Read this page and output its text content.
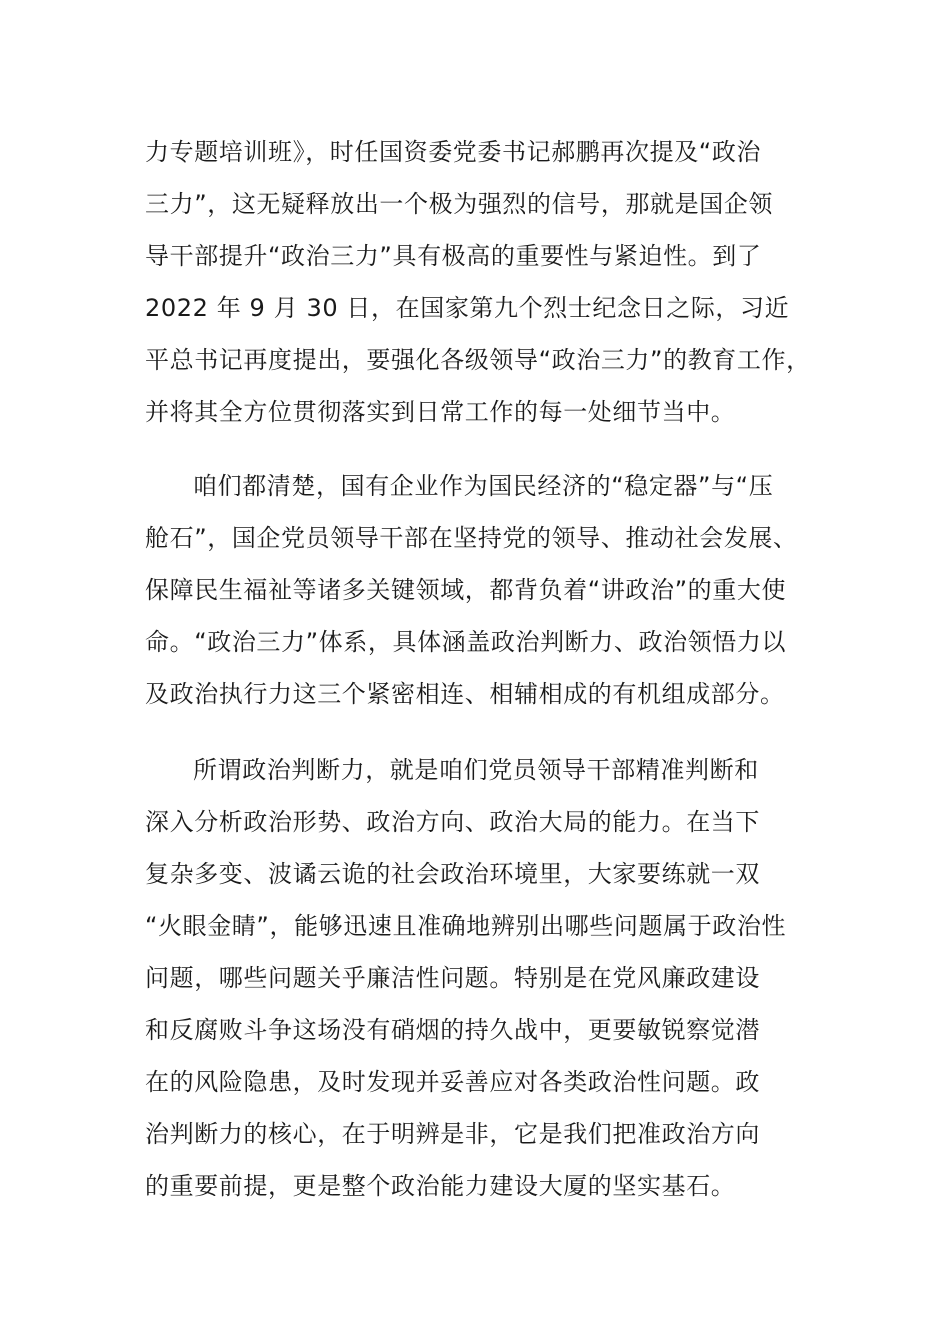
力专题培训班》，时任国资委党委书记郝鹏再次提及“政治
三力”，这无疑释放出一个极为强烈的信号，那就是国企领
导干部提升“政治三力”具有极高的重要性与紧迫性。到了
2022 年 9 月 30 日，在国家第九个烈士纪念日之际，习近
平总书记再度提出，要强化各级领导“政治三力”的教育工作，
并将其全方位贯彻落实到日常工作的每一处细节当中。
咱们都清楚，国有企业作为国民经济的“稳定器”与“压
舱石”，国企党员领导干部在坚持党的领导、推动社会发展、
保障民生福祉等诸多关键领域，都背负着“讲政治”的重大使
命。“政治三力”体系，具体涵盖政治判断力、政治领悟力以
及政治执行力这三个紧密相连、相辅相成的有机组成部分。
所谓政治判断力，就是咱们党员领导干部精准判断和
深入分析政治形势、政治方向、政治大局的能力。在当下
复杂多变、波谲云诡的社会政治环境里，大家要练就一双
“火眼金睛”，能够迅速且准确地辨别出哪些问题属于政治性
问题，哪些问题关乎廉洁性问题。特别是在党风廉政建设
和反腐败斗争这场没有硝烟的持久战中，更要敏锐察觉潜
在的风险隐患，及时发现并妥善应对各类政治性问题。政
治判断力的核心，在于明辨是非，它是我们把准政治方向
的重要前提，更是整个政治能力建设大厦的坚实基石。
